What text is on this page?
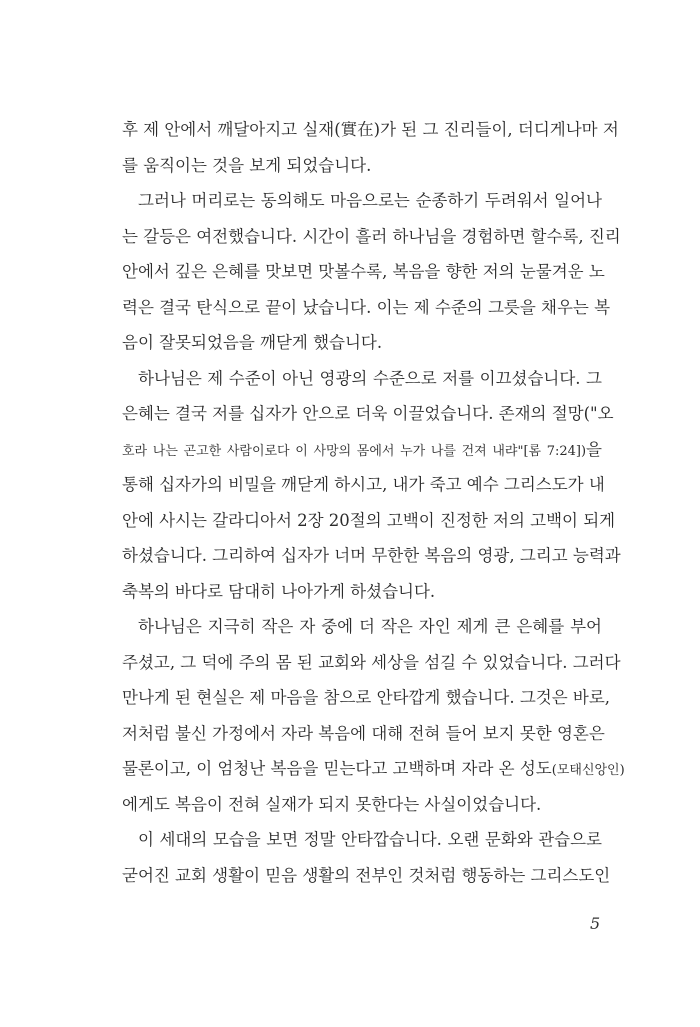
후 제 안에서 깨달아지고 실재(實在)가 된 그 진리들이, 더디게나마 저
를 움직이는 것을 보게 되었습니다.
그러나 머리로는 동의해도 마음으로는 순종하기 두려워서 일어나
는 갈등은 여전했습니다. 시간이 흘러 하나님을 경험하면 할수록, 진리
안에서 깊은 은혜를 맛보면 맛볼수록, 복음을 향한 저의 눈물겨운 노
력은 결국 탄식으로 끝이 났습니다. 이는 제 수준의 그릇을 채우는 복
음이 잘못되었음을 깨닫게 했습니다.
하나님은 제 수준이 아닌 영광의 수준으로 저를 이끄셨습니다. 그
은혜는 결국 저를 십자가 안으로 더욱 이끌었습니다. 존재의 절망("오
호라 나는 곤고한 사람이로다 이 사망의 몸에서 누가 나를 건져 내랴"[롬 7:24])을
통해 십자가의 비밀을 깨닫게 하시고, 내가 죽고 예수 그리스도가 내
안에 사시는 갈라디아서 2장 20절의 고백이 진정한 저의 고백이 되게
하셨습니다. 그리하여 십자가 너머 무한한 복음의 영광, 그리고 능력과
축복의 바다로 담대히 나아가게 하셨습니다.
하나님은 지극히 작은 자 중에 더 작은 자인 제게 큰 은혜를 부어
주셨고, 그 덕에 주의 몸 된 교회와 세상을 섬길 수 있었습니다. 그러다
만나게 된 현실은 제 마음을 참으로 안타깝게 했습니다. 그것은 바로,
저처럼 불신 가정에서 자라 복음에 대해 전혀 들어 보지 못한 영혼은
물론이고, 이 엄청난 복음을 믿는다고 고백하며 자라 온 성도(모태신앙인)
에게도 복음이 전혀 실재가 되지 못한다는 사실이었습니다.
이 세대의 모습을 보면 정말 안타깝습니다. 오랜 문화와 관습으로
굳어진 교회 생활이 믿음 생활의 전부인 것처럼 행동하는 그리스도인
5
